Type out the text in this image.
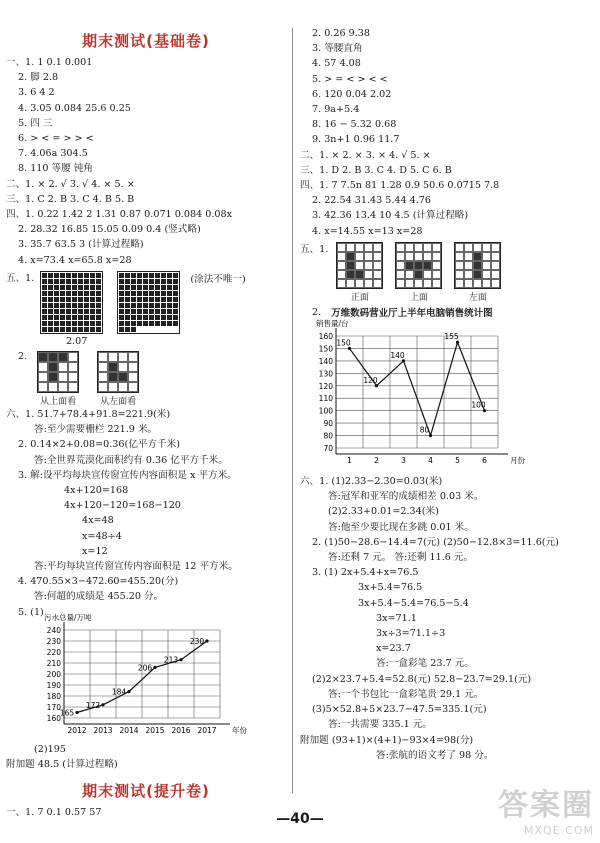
期末测试(基础卷)
一、1. 1 0.1 0.001
2. 脚 2.8
3. 6 4 2
4. 3.05 0.084 25.6 0.25
5. 四 三
6. > < = > > <
7. 4.06a 304.5
8. 110 等腰 钝角
二、1. × 2. √ 3. √ 4. × 5. ×
三、1. C 2. B 3. C 4. B 5. B
四、1. 0.22 1.42 2 1.31 0.87 0.071 0.084 0.08x
2. 28.32 16.85 15.05 0.09 0.4 (竖式略)
3. 35.7 63.5 3 (计算过程略)
4. x=73.4 x=65.8 x=28
五、1.	(涂法不唯一)
2.07
2.
从上面看	从左面看
六、1. 51.7+78.4+91.8=221.9(米)
答:至少需要栅栏 221.9 米。
2. 0.14×2+0.08=0.36(亿平方千米)
答:全世界荒漠化面积约有 0.36 亿平方千米。
3. 解:设平均每块宣传窗宣传内容面积是 x 平方米。
4x+120=168
4x+120−120=168−120
4x=48
x=48÷4
x=12
答:平均每块宣传窗宣传内容面积是 12 平方米。
4. 470.55×3−472.60=455.20(分)
答:何超的成绩是 455.20 分。
5. (1)
160
170
180
190
200
210
220
230
240
2012 2013 2014 2015 2016 2017 年份
污水总量/万吨
165
172
184
206
213
230
(2)195
附加题 48.5 (计算过程略)
期末测试(提升卷)
一、1. 7 0.1 0.57 57
2. 0.26 9.38
3. 等腰直角
4. 57 4.08
5. > = < > < <
6. 120 0.04 2.02
7. 9a+5.4
8. 16 − 5.32 0.68
9. 3n+1 0.96 11.7
二、1. × 2. × 3. × 4. √ 5. ×
三、1. D 2. B 3. C 4. D 5. C 6. B
四、1. 7 7.5n 81 1.28 0.9 50.6 0.0715 7.8
2. 22.54 31.43 5.44 4.76
3. 42.36 13.4 10 4.5 (计算过程略)
4. x=14.55 x=13 x=28
五、1.
正面	上面	左面
2. 万维数码营业厅上半年电脑销售统计图
70
80
90
100
110
120
130
140
150
160
1	2	3	4	5	6	月份
销售量/台
150
120
140
80
155
100
六、1. (1)2.33−2.30=0.03(米)
答:冠军和亚军的成绩相差 0.03 米。
(2)2.33+0.01=2.34(米)
答:他至少要比现在多跳 0.01 米。
2. (1)50−28.6−14.4=7(元) (2)50−12.8×3=11.6(元)
答:还剩 7 元。 答:还剩 11.6 元。
3. (1) 2x+5.4+x=76.5
3x+5.4=76.5
3x+5.4−5.4=76.5−5.4
3x=71.1
3x÷3=71.1÷3
x=23.7
答:一盒彩笔 23.7 元。
(2)2×23.7+5.4=52.8(元) 52.8−23.7=29.1(元)
答:一个书包比一盒彩笔贵 29.1 元。
(3)5×52.8+5×23.7−47.5=335.1(元)
答:一共需要 335.1 元。
附加题 (93+1)×(4+1)−93×4=98(分)
答:张航的语文考了 98 分。
—40—	答案圈
MXQE.COM
